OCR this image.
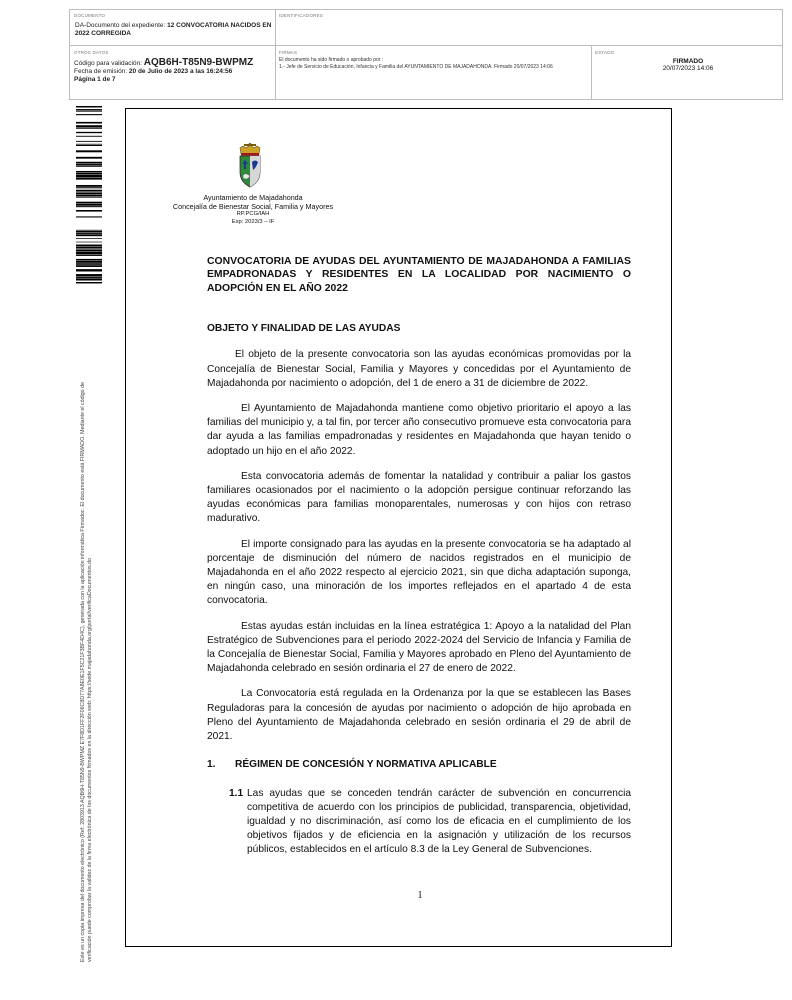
DOCUMENTO
DA-Documento del expediente: 12 CONVOCATORIA NACIDOS EN 2022 CORREGIDA
IDENTIFICADORES
OTROS DATOS
Código para validación: AQB6H-T85N9-BWPMZ
Fecha de emisión: 20 de Julio de 2023 a las 16:24:56
Página 1 de 7
FIRMAS
El documento ha sido firmado o aprobado por :
1.- Jefe de Servicio de Educación, Infancia y Familia del AYUNTAMIENTO DE MAJADAHONDA. Firmado 20/07/2023 14:06
ESTADO
FIRMADO
20/07/2023 14:06
Este es un copia impresa del documento electrónico (Ref: 2803913 AQB6H-T85N9-BWPMZ E7F8D1FF2F06C8D77A8E0E1F5C21F3BF4D4C), generada con la aplicación informática Firmadoc. El documento está FIRMADO. Mediante el código de verificación puede comprobar la validez de la firma electrónica de los documentos firmados en la dirección web: https://sede.majadahonda.org/portal/verificaDocumentos.do
Ayuntamiento de Majadahonda
Concejalía de Bienestar Social, Familia y Mayores
RP.PCG/IAH
Exp: 2023/3 – IF

CONVOCATORIA DE AYUDAS DEL AYUNTAMIENTO DE MAJADAHONDA A FAMILIAS EMPADRONADAS Y RESIDENTES EN LA LOCALIDAD POR NACIMIENTO O ADOPCIÓN EN EL AÑO 2022

OBJETO Y FINALIDAD DE LAS AYUDAS

El objeto de la presente convocatoria son las ayudas económicas promovidas por la Concejalía de Bienestar Social, Familia y Mayores y concedidas por el Ayuntamiento de Majadahonda por nacimiento o adopción, del 1 de enero a 31 de diciembre de 2022.

El Ayuntamiento de Majadahonda mantiene como objetivo prioritario el apoyo a las familias del municipio y, a tal fin, por tercer año consecutivo promueve esta convocatoria para dar ayuda a las familias empadronadas y residentes en Majadahonda que hayan tenido o adoptado un hijo en el año 2022.

Esta convocatoria además de fomentar la natalidad y contribuir a paliar los gastos familiares ocasionados por el nacimiento o la adopción persigue continuar reforzando las ayudas económicas para familias monoparentales, numerosas y con hijos con retraso madurativo.

El importe consignado para las ayudas en la presente convocatoria se ha adaptado al porcentaje de disminución del número de nacidos registrados en el municipio de Majadahonda en el año 2022 respecto al ejercicio 2021, sin que dicha adaptación suponga, en ningún caso, una minoración de los importes reflejados en el apartado 4 de esta convocatoria.

Estas ayudas están incluidas en la línea estratégica 1: Apoyo a la natalidad del Plan Estratégico de Subvenciones para el periodo 2022-2024 del Servicio de Infancia y Familia de la Concejalía de Bienestar Social, Familia y Mayores aprobado en Pleno del Ayuntamiento de Majadahonda celebrado en sesión ordinaria el 27 de enero de 2022.

La Convocatoria está regulada en la Ordenanza por la que se establecen las Bases Reguladoras para la concesión de ayudas por nacimiento o adopción de hijo aprobada en Pleno del Ayuntamiento de Majadahonda celebrado en sesión ordinaria el 29 de abril de 2021.

1.	RÉGIMEN DE CONCESIÓN Y NORMATIVA APLICABLE
1.1 Las ayudas que se conceden tendrán carácter de subvención en concurrencia competitiva de acuerdo con los principios de publicidad, transparencia, objetividad, igualdad y no discriminación, así como los de eficacia en el cumplimiento de los objetivos fijados y de eficiencia en la asignación y utilización de los recursos públicos, establecidos en el artículo 8.3 de la Ley General de Subvenciones.
1
